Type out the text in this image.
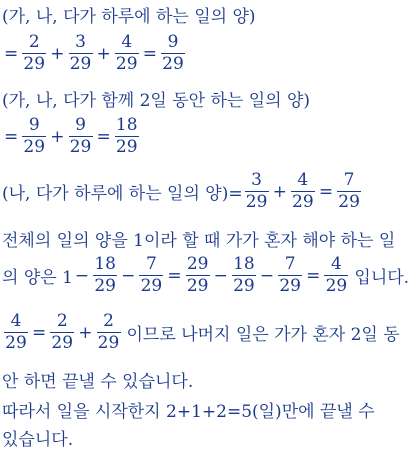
(가, 나, 다가 하루에 하는 일의 양)
= $\frac{2}{29} + \frac{3}{29} + \frac{4}{29} = \frac{9}{29}$
(가, 나, 다가 함께 2일 동안 하는 일의 양)
= $\frac{9}{29} + \frac{9}{29} = \frac{18}{29}$
(나, 다가 하루에 하는 일의 양)= $\frac{3}{29} + \frac{4}{29} = \frac{7}{29}$
전체의 일의 양을 1이라 할 때 가가 혼자 해야 하는 일
의 양은 $1 - \frac{18}{29} - \frac{7}{29} = \frac{29}{29} - \frac{18}{29} - \frac{7}{29} = \frac{4}{29}$ 입니다.
$\frac{4}{29} = \frac{2}{29} + \frac{2}{29}$ 이므로 나머지 일은 가가 혼자 2일 동
안 하면 끝낼 수 있습니다.
따라서 일을 시작한지 2+1+2=5(일)만에 끝낼 수
있습니다.
